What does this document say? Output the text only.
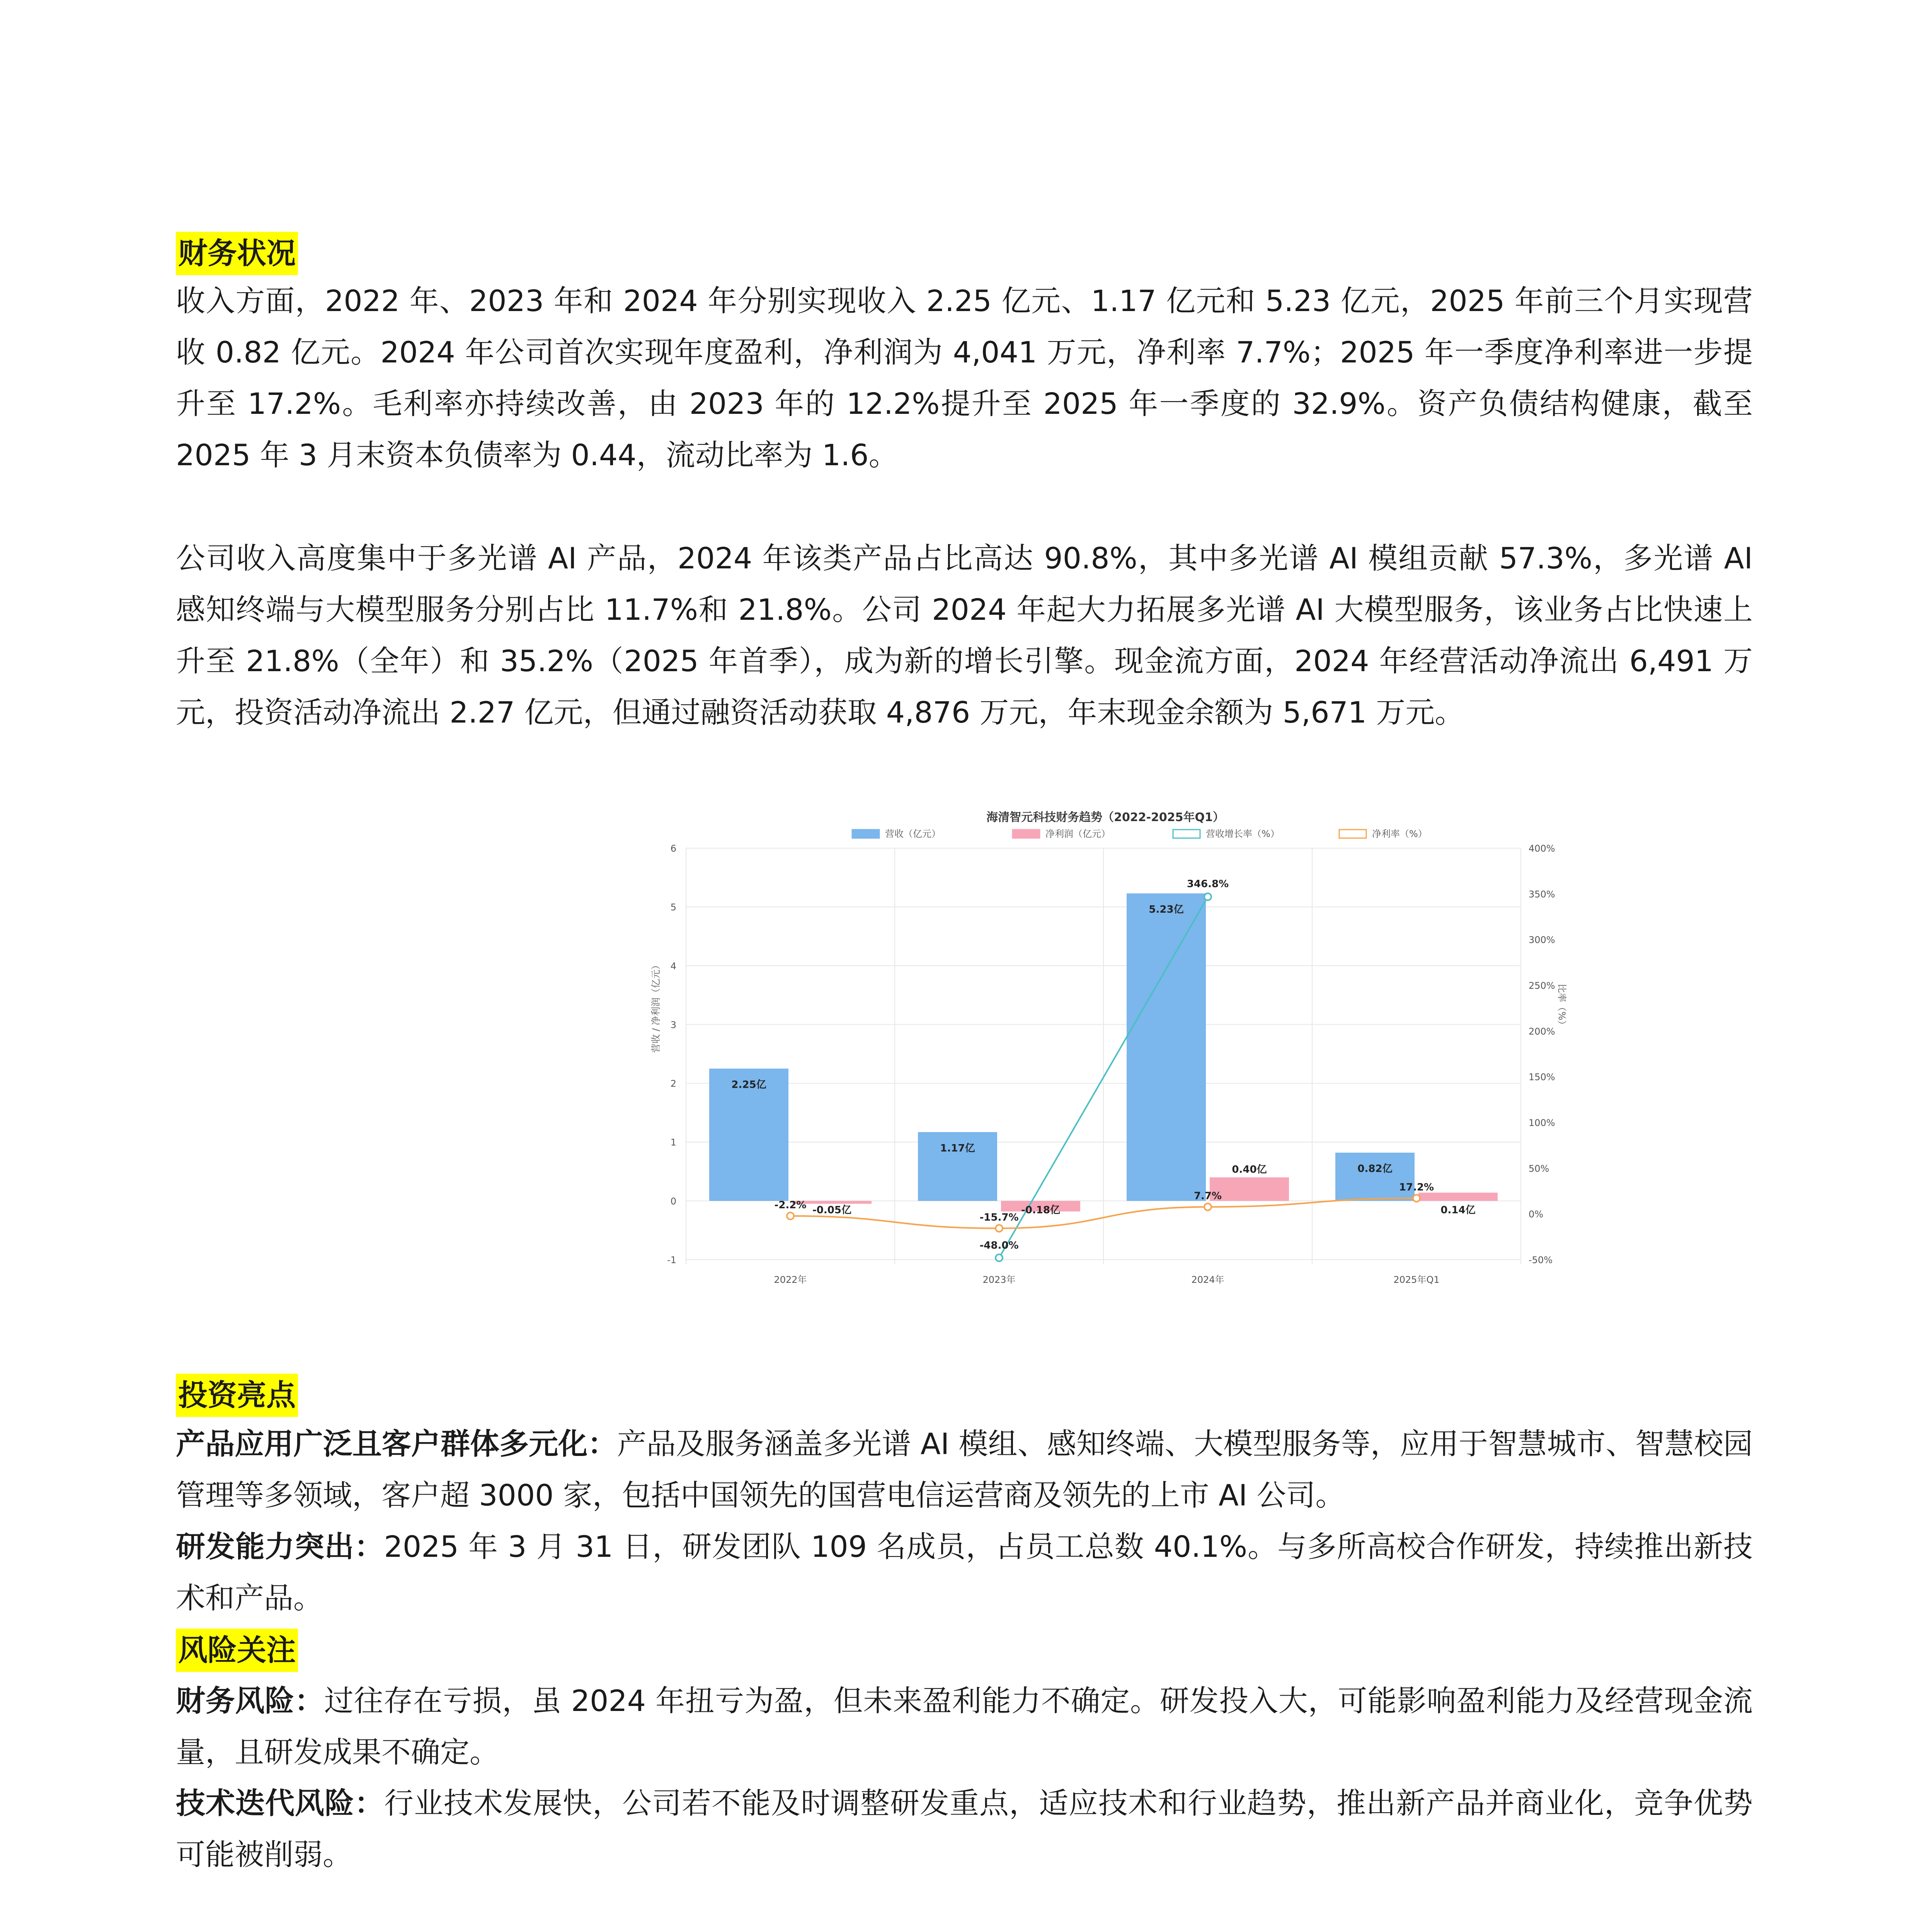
财务状况

收入方面，2022 年、2023 年和 2024 年分别实现收入 2.25 亿元、1.17 亿元和 5.23 亿元，2025 年前三个月实现营收 0.82 亿元。2024 年公司首次实现年度盈利，净利润为 4,041 万元，净利率 7.7%；2025 年一季度净利率进一步提升至 17.2%。毛利率亦持续改善，由 2023 年的 12.2%提升至 2025 年一季度的 32.9%。资产负债结构健康，截至 2025 年 3 月末资本负债率为 0.44，流动比率为 1.6。

公司收入高度集中于多光谱 AI 产品，2024 年该类产品占比高达 90.8%，其中多光谱 AI 模组贡献 57.3%，多光谱 AI 感知终端与大模型服务分别占比 11.7%和 21.8%。公司 2024 年起大力拓展多光谱 AI 大模型服务，该业务占比快速上升至 21.8%（全年）和 35.2%（2025 年首季），成为新的增长引擎。现金流方面，2024 年经营活动净流出 6,491 万元，投资活动净流出 2.27 亿元，但通过融资活动获取 4,876 万元，年末现金余额为 5,671 万元。

投资亮点

产品应用广泛且客户群体多元化：产品及服务涵盖多光谱 AI 模组、感知终端、大模型服务等，应用于智慧城市、智慧校园管理等多领域，客户超 3000 家，包括中国领先的国营电信运营商及领先的上市 AI 公司。

研发能力突出：2025 年 3 月 31 日，研发团队 109 名成员，占员工总数 40.1%。与多所高校合作研发，持续推出新技术和产品。

风险关注

财务风险：过往存在亏损，虽 2024 年扭亏为盈，但未来盈利能力不确定。研发投入大，可能影响盈利能力及经营现金流量，且研发成果不确定。

技术迭代风险：行业技术发展快，公司若不能及时调整研发重点，适应技术和行业趋势，推出新产品并商业化，竞争优势可能被削弱。

海清智元科技财务趋势（2022-2025年Q1）
营收（亿元）	净利润（亿元）	营收增长率（%）	净利率（%）
-1
0
1
2
3
4
5
6
-50%
0%
50%
100%
150%
200%
250%
300%
350%
400%
2022年	2023年	2024年	2025年Q1
2.25亿
-0.05亿
1.17亿
-0.18亿
5.23亿
0.40亿	0.82亿
0.14亿
-48.0%
346.8%
-2.2%
-15.7%
7.7%
17.2%
营收 / 净利润（亿元）	比率（%）
